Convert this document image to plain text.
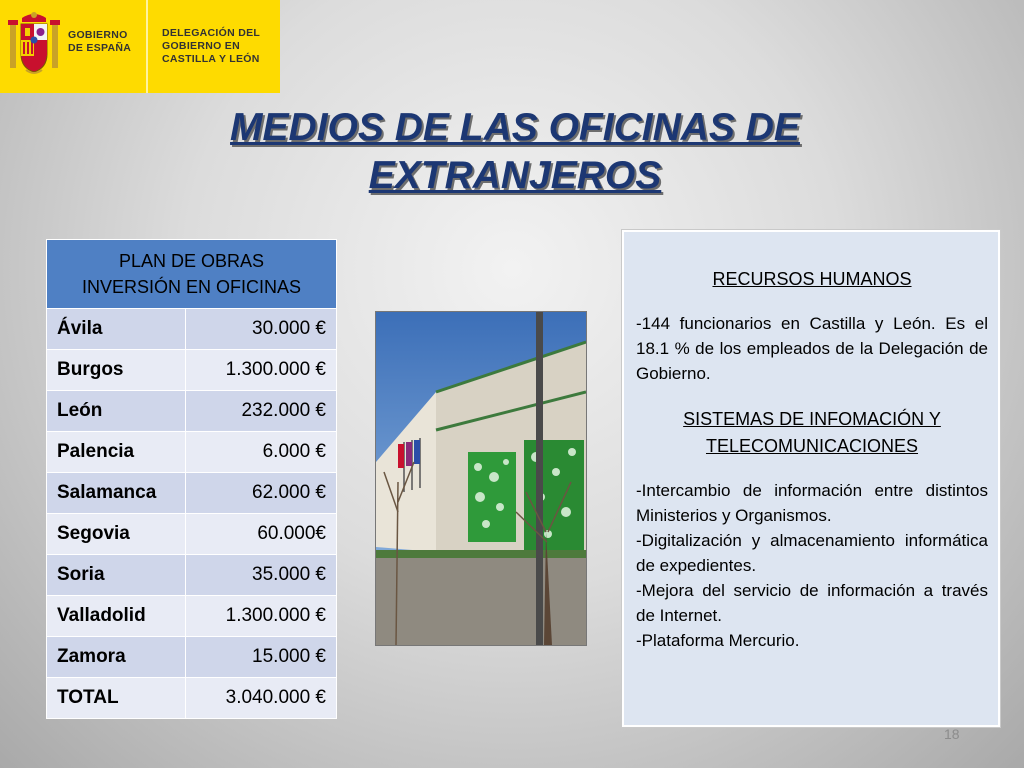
GOBIERNO
DE ESPAÑA
DELEGACIÓN DEL
GOBIERNO EN
CASTILLA Y LEÓN
MEDIOS DE LAS OFICINAS DE
EXTRANJEROS
PLAN DE OBRAS
INVERSIÓN EN OFICINAS	

Ávila	30.000 €
Burgos	1.300.000 €
León	232.000 €
Palencia	6.000 €
Salamanca	62.000 €
Segovia	60.000€
Soria	35.000 €
Valladolid	1.300.000 €
Zamora	15.000 €
TOTAL	3.040.000 €
RECURSOS HUMANOS
-144 funcionarios en Castilla y León. Es el 18.1 % de los empleados de la Delegación de Gobierno.
SISTEMAS DE INFOMACIÓN Y
TELECOMUNICACIONES
-Intercambio de información entre distintos Ministerios y Organismos.
-Digitalización y almacenamiento informática de expedientes.
-Mejora del servicio de información a través de Internet.
-Plataforma Mercurio.
18
